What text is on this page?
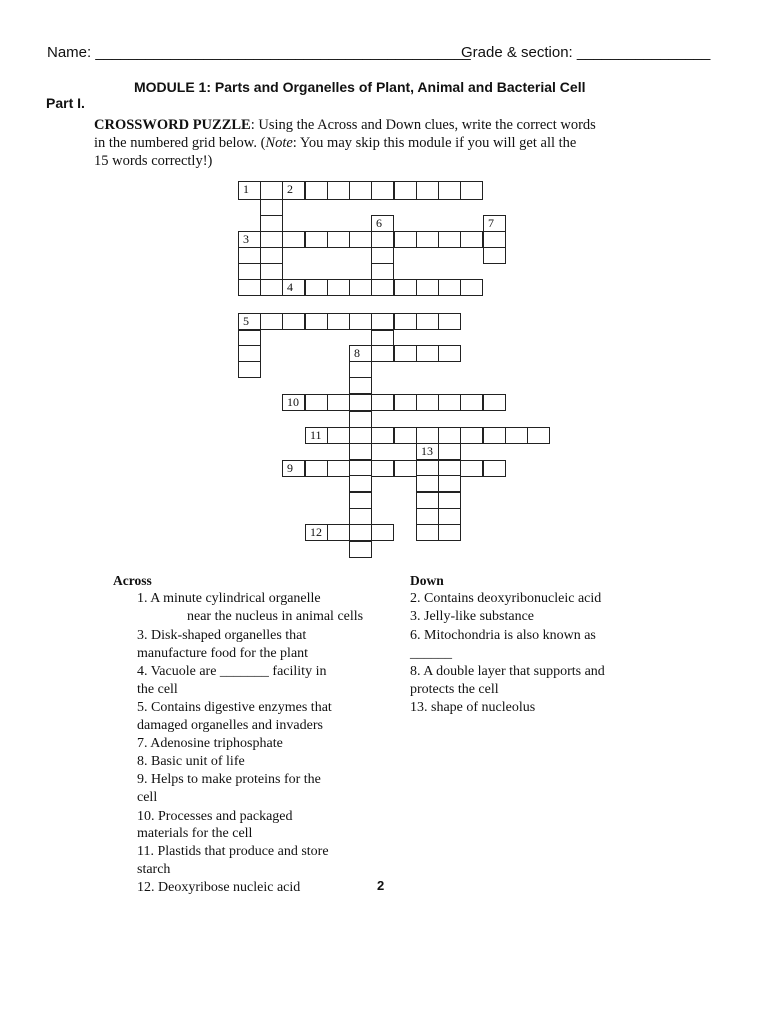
Name: _____________________________________________
Grade & section: ________________
MODULE 1: Parts and Organelles of Plant, Animal and Bacterial Cell
Part I.
CROSSWORD PUZZLE: Using the Across and Down clues, write the correct words
in the numbered grid below. (Note: You may skip this module if you will get all the
15 words correctly!)
1	2
3
4
5
6	7
8
9
10
11
12
13
Across
1. A minute cylindrical organelle
near the nucleus in animal cells
3. Disk-shaped organelles that
manufacture food for the plant
4. Vacuole are _______ facility in
the cell
5. Contains digestive enzymes that
damaged organelles and invaders
7. Adenosine triphosphate
8. Basic unit of life
9. Helps to make proteins for the
cell
10. Processes and packaged
materials for the cell
11. Plastids that produce and store
starch
12. Deoxyribose nucleic acid
Down
2. Contains deoxyribonucleic acid
3. Jelly-like substance
6. Mitochondria is also known as
______
8. A double layer that supports and
protects the cell
13. shape of nucleolus
2
